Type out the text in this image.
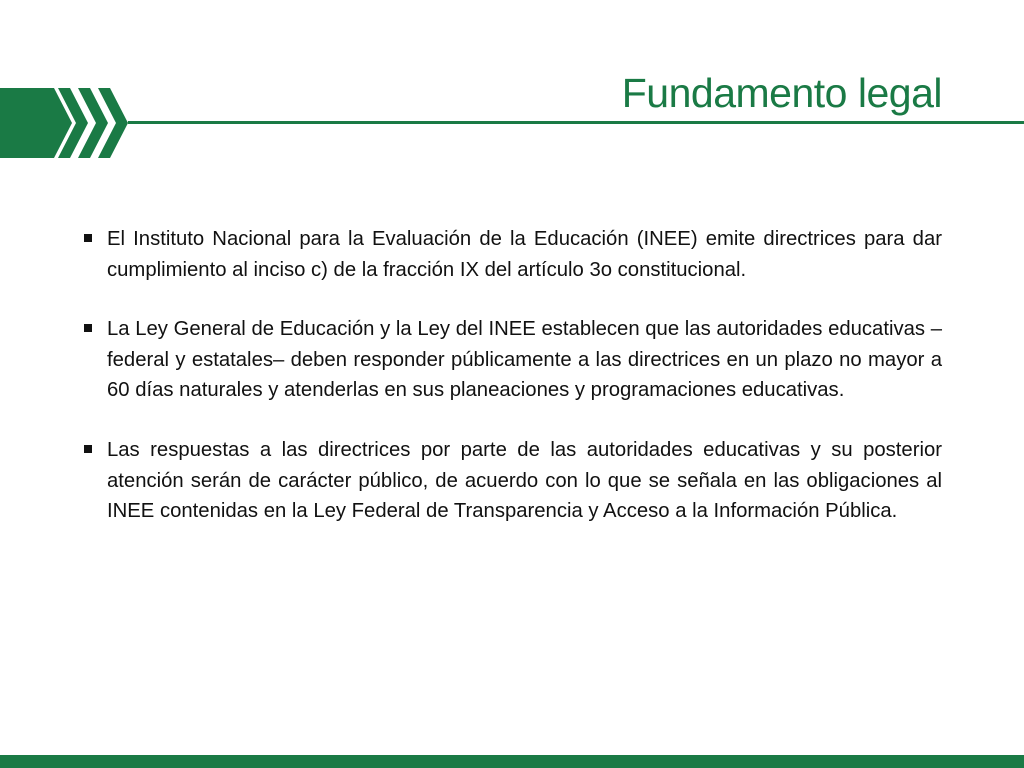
Fundamento legal
El Instituto Nacional para la Evaluación de la Educación (INEE) emite directrices para dar cumplimiento al inciso c) de la fracción IX del artículo 3o constitucional.
La Ley General de Educación y la Ley del INEE establecen que las autoridades educativas –federal y estatales– deben responder públicamente a las directrices en un plazo no mayor a 60 días naturales y atenderlas en sus planeaciones y programaciones educativas.
Las respuestas a las directrices por parte de las autoridades educativas y su posterior atención serán de carácter público, de acuerdo con lo que se señala en las obligaciones al INEE contenidas en la Ley Federal de Transparencia y Acceso a la Información Pública.
